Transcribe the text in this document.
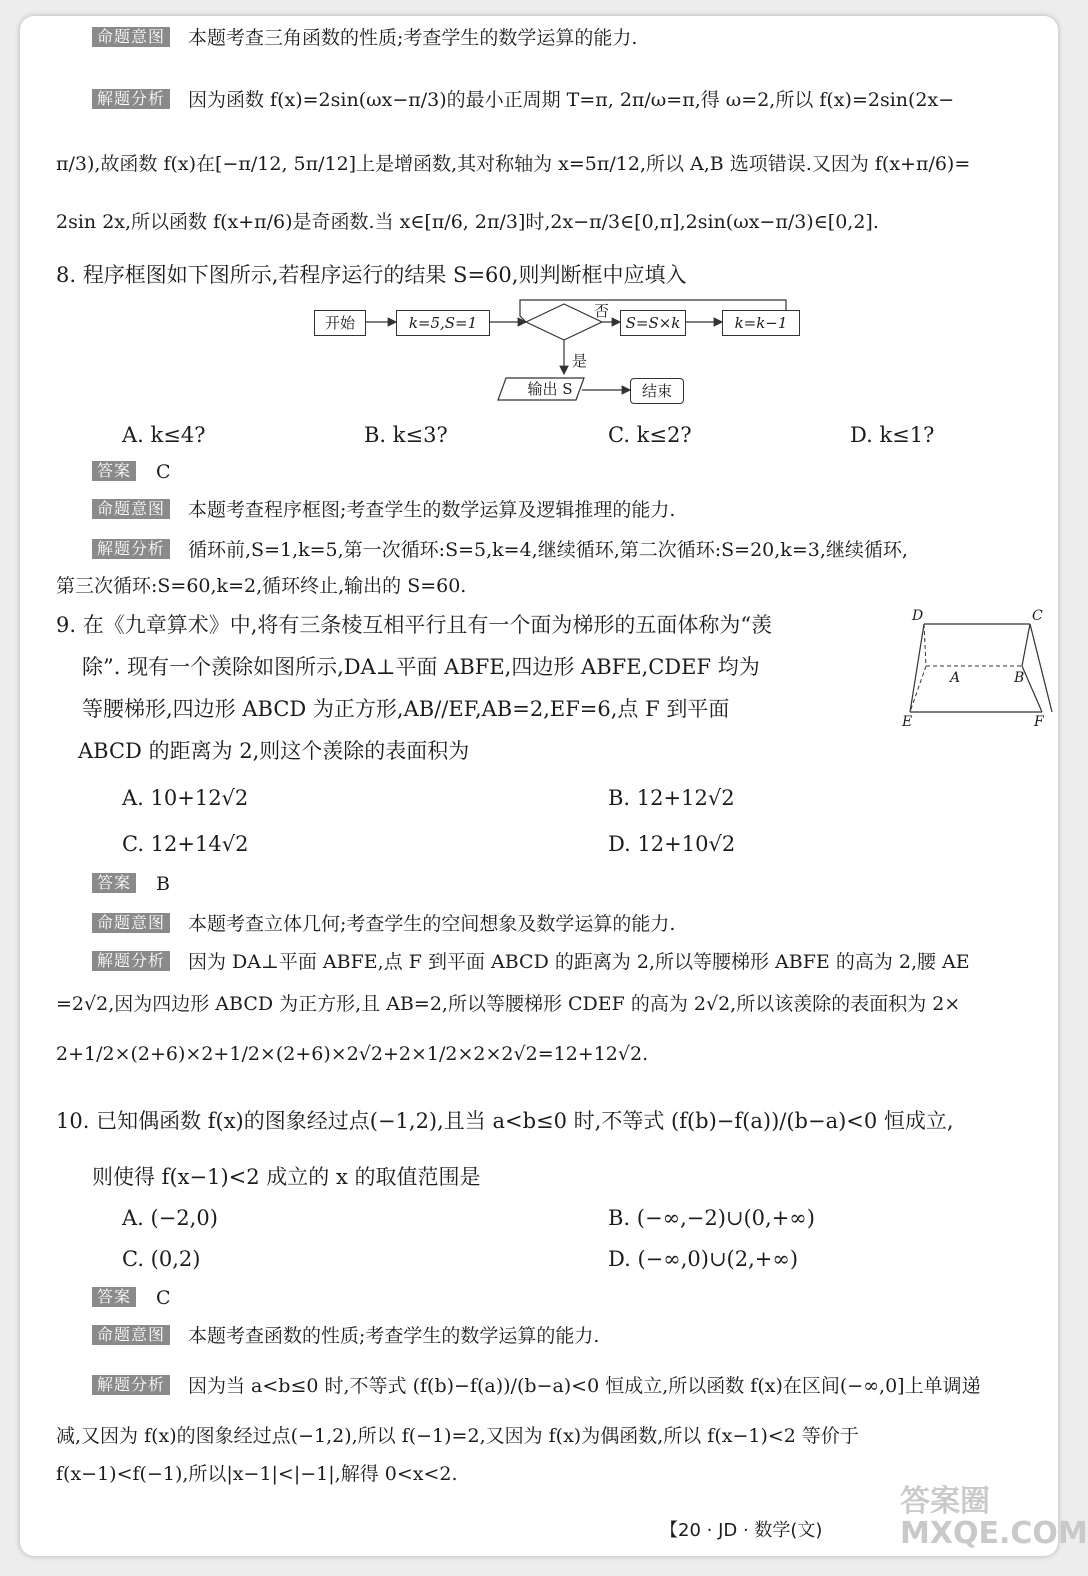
命题意图 本题考查三角函数的性质;考查学生的数学运算的能力.
解题分析 因为函数 f(x)=2sin(ωx−π/3)的最小正周期 T=π, 2π/ω=π,得 ω=2,所以 f(x)=2sin(2x−
π/3),故函数 f(x)在[−π/12, 5π/12]上是增函数,其对称轴为 x=5π/12,所以 A,B 选项错误.又因为 f(x+π/6)=
2sin 2x,所以函数 f(x+π/6)是奇函数.当 x∈[π/6, 2π/3]时,2x−π/3∈[0,π],2sin(ωx−π/3)∈[0,2].
8. 程序框图如下图所示,若程序运行的结果 S=60,则判断框中应填入
开始	k=5,S=1
否
S=S×k	k=k−1
是
输出 S	结束
A. k≤4?	B. k≤3?	C. k≤2?	D. k≤1?
答案 C
命题意图 本题考查程序框图;考查学生的数学运算及逻辑推理的能力.
解题分析 循环前,S=1,k=5,第一次循环:S=5,k=4,继续循环,第二次循环:S=20,k=3,继续循环,
第三次循环:S=60,k=2,循环终止,输出的 S=60.
9. 在《九章算术》中,将有三条棱互相平行且有一个面为梯形的五面体称为“羡
除”. 现有一个羡除如图所示,DA⊥平面 ABFE,四边形 ABFE,CDEF 均为
等腰梯形,四边形 ABCD 为正方形,AB//EF,AB=2,EF=6,点 F 到平面
ABCD 的距离为 2,则这个羡除的表面积为
D	C
A	B
E	F
A. 10+12√2	B. 12+12√2
C. 12+14√2	D. 12+10√2
答案 B
命题意图 本题考查立体几何;考查学生的空间想象及数学运算的能力.
解题分析 因为 DA⊥平面 ABFE,点 F 到平面 ABCD 的距离为 2,所以等腰梯形 ABFE 的高为 2,腰 AE
=2√2,因为四边形 ABCD 为正方形,且 AB=2,所以等腰梯形 CDEF 的高为 2√2,所以该羡除的表面积为 2×
2+1/2×(2+6)×2+1/2×(2+6)×2√2+2×1/2×2×2√2=12+12√2.
10. 已知偶函数 f(x)的图象经过点(−1,2),且当 a<b≤0 时,不等式 (f(b)−f(a))/(b−a)<0 恒成立,
则使得 f(x−1)<2 成立的 x 的取值范围是
A. (−2,0)	B. (−∞,−2)∪(0,+∞)
C. (0,2)	D. (−∞,0)∪(2,+∞)
答案 C
命题意图 本题考查函数的性质;考查学生的数学运算的能力.
解题分析 因为当 a<b≤0 时,不等式 (f(b)−f(a))/(b−a)<0 恒成立,所以函数 f(x)在区间(−∞,0]上单调递
减,又因为 f(x)的图象经过点(−1,2),所以 f(−1)=2,又因为 f(x)为偶函数,所以 f(x−1)<2 等价于
f(x−1)<f(−1),所以|x−1|<|−1|,解得 0<x<2.
【20 · JD · 数学(文)
答案圈 MXQE.COM
